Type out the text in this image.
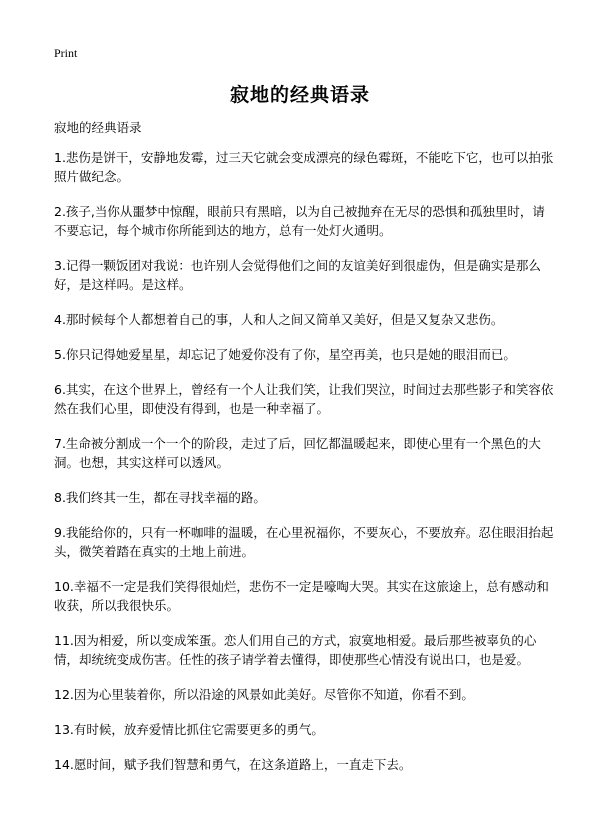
Print
寂地的经典语录

寂地的经典语录

1.悲伤是饼干，安静地发霉，过三天它就会变成漂亮的绿色霉斑，不能吃下它，也可以拍张照片做纪念。
2.孩子,当你从噩梦中惊醒，眼前只有黑暗，以为自己被抛弃在无尽的恐惧和孤独里时，请不要忘记，每个城市你所能到达的地方，总有一处灯火通明。
3.记得一颗饭团对我说：也许别人会觉得他们之间的友谊美好到很虚伪，但是确实是那么好，是这样吗。是这样。
4.那时候每个人都想着自己的事，人和人之间又简单又美好，但是又复杂又悲伤。
5.你只记得她爱星星，却忘记了她爱你没有了你，星空再美，也只是她的眼泪而已。
6.其实，在这个世界上，曾经有一个人让我们笑，让我们哭泣，时间过去那些影子和笑容依然在我们心里，即使没有得到，也是一种幸福了。
7.生命被分割成一个一个的阶段，走过了后，回忆都温暖起来，即使心里有一个黑色的大洞。也想，其实这样可以透风。
8.我们终其一生，都在寻找幸福的路。
9.我能给你的，只有一杯咖啡的温暖，在心里祝福你，不要灰心，不要放弃。忍住眼泪抬起头，微笑着踏在真实的土地上前进。
10.幸福不一定是我们笑得很灿烂，悲伤不一定是嚎啕大哭。其实在这旅途上，总有感动和收获，所以我很快乐。
11.因为相爱，所以变成笨蛋。恋人们用自己的方式，寂寞地相爱。最后那些被辜负的心情，却统统变成伤害。任性的孩子请学着去懂得，即使那些心情没有说出口，也是爱。
12.因为心里装着你，所以沿途的风景如此美好。尽管你不知道，你看不到。
13.有时候，放弃爱情比抓住它需要更多的勇气。
14.愿时间，赋予我们智慧和勇气，在这条道路上，一直走下去。
